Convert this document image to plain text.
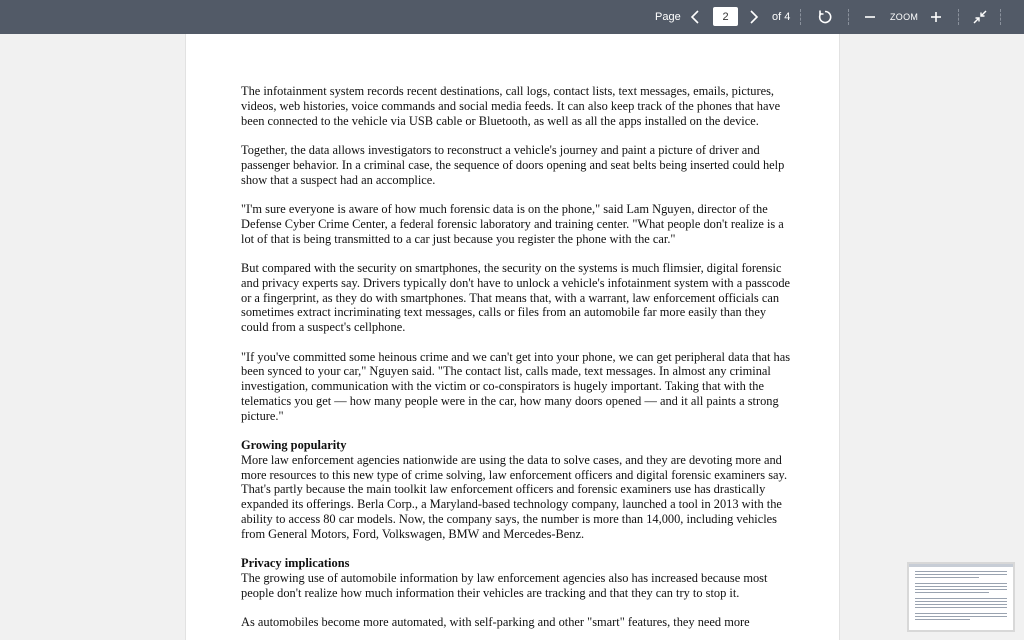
Page
2	of 4	ZOOM

The infotainment system records recent destinations, call logs, contact lists, text messages, emails, pictures, videos, web histories, voice commands and social media feeds. It can also keep track of the phones that have been connected to the vehicle via USB cable or Bluetooth, as well as all the apps installed on the device.

Together, the data allows investigators to reconstruct a vehicle's journey and paint a picture of driver and passenger behavior. In a criminal case, the sequence of doors opening and seat belts being inserted could help show that a suspect had an accomplice.

"I'm sure everyone is aware of how much forensic data is on the phone," said Lam Nguyen, director of the Defense Cyber Crime Center, a federal forensic laboratory and training center. "What people don't realize is a lot of that is being transmitted to a car just because you register the phone with the car."

But compared with the security on smartphones, the security on the systems is much flimsier, digital forensic and privacy experts say. Drivers typically don't have to unlock a vehicle's infotainment system with a passcode or a fingerprint, as they do with smartphones. That means that, with a warrant, law enforcement officials can sometimes extract incriminating text messages, calls or files from an automobile far more easily than they could from a suspect's cellphone.

"If you've committed some heinous crime and we can't get into your phone, we can get peripheral data that has been synced to your car," Nguyen said. "The contact list, calls made, text messages. In almost any criminal investigation, communication with the victim or co-conspirators is hugely important. Taking that with the telematics you get — how many people were in the car, how many doors opened — and it all paints a strong picture."

Growing popularity

More law enforcement agencies nationwide are using the data to solve cases, and they are devoting more and more resources to this new type of crime solving, law enforcement officers and digital forensic examiners say. That's partly because the main toolkit law enforcement officers and forensic examiners use has drastically expanded its offerings. Berla Corp., a Maryland-based technology company, launched a tool in 2013 with the ability to access 80 car models. Now, the company says, the number is more than 14,000, including vehicles from General Motors, Ford, Volkswagen, BMW and Mercedes-Benz.

Privacy implications

The growing use of automobile information by law enforcement agencies also has increased because most people don't realize how much information their vehicles are tracking and that they can try to stop it.

As automobiles become more automated, with self-parking and other "smart" features, they need more
